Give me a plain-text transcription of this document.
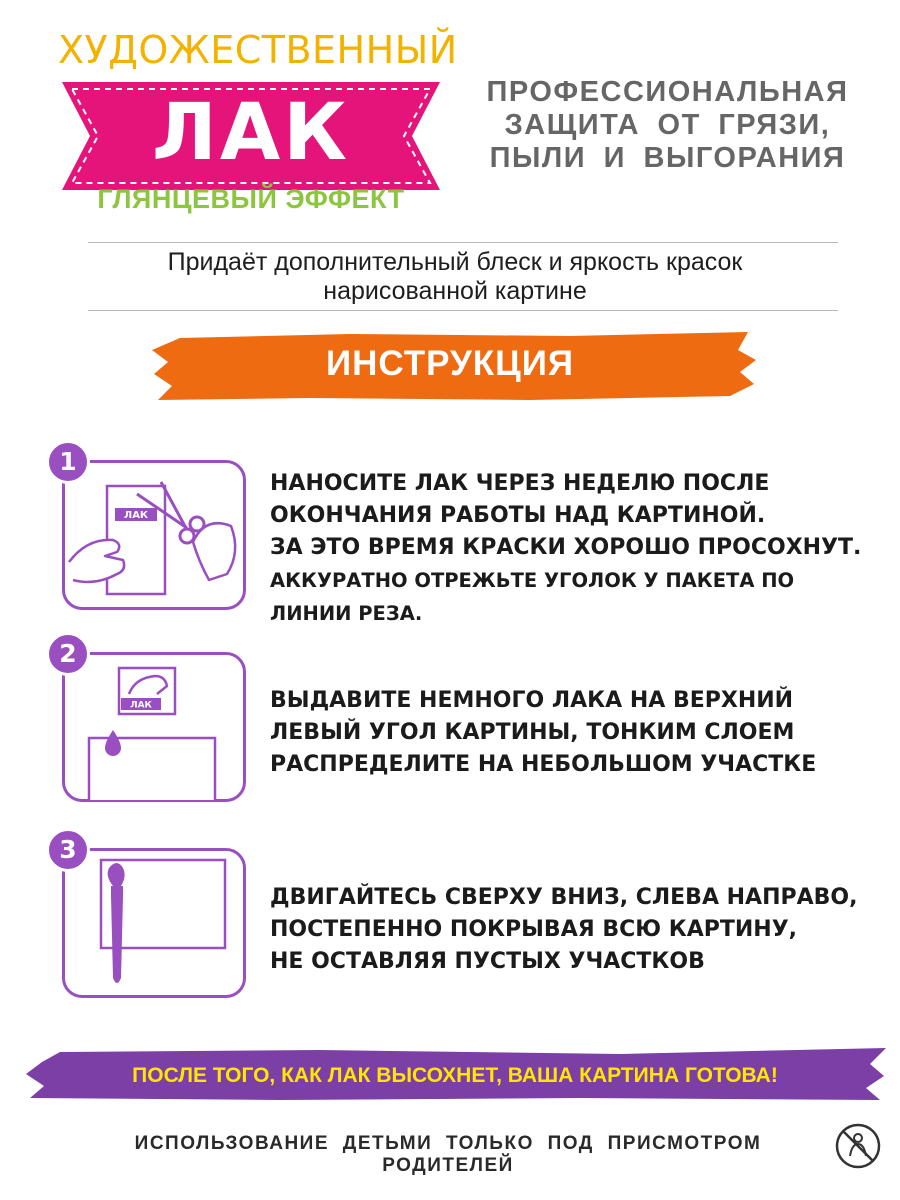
ХУДОЖЕСТВЕННЫЙ
ЛАК
ГЛЯНЦЕВЫЙ ЭФФЕКТ
ПРОФЕССИОНАЛЬНАЯ
ЗАЩИТА ОТ ГРЯЗИ,
ПЫЛИ И ВЫГОРАНИЯ
Придаёт дополнительный блеск и яркость красок
нарисованной картине
ИНСТРУКЦИЯ
ЛАК
1
НАНОСИТЕ ЛАК ЧЕРЕЗ НЕДЕЛЮ ПОСЛЕ
ОКОНЧАНИЯ РАБОТЫ НАД КАРТИНОЙ.
ЗА ЭТО ВРЕМЯ КРАСКИ ХОРОШО ПРОСОХНУТ.
АККУРАТНО ОТРЕЖЬТЕ УГОЛОК У ПАКЕТА ПО
ЛИНИИ РЕЗА.
ЛАК
2
ВЫДАВИТЕ НЕМНОГО ЛАКА НА ВЕРХНИЙ
ЛЕВЫЙ УГОЛ КАРТИНЫ, ТОНКИМ СЛОЕМ
РАСПРЕДЕЛИТЕ НА НЕБОЛЬШОМ УЧАСТКЕ
3
ДВИГАЙТЕСЬ СВЕРХУ ВНИЗ, СЛЕВА НАПРАВО,
ПОСТЕПЕННО ПОКРЫВАЯ ВСЮ КАРТИНУ,
НЕ ОСТАВЛЯЯ ПУСТЫХ УЧАСТКОВ
ПОСЛЕ ТОГО, КАК ЛАК ВЫСОХНЕТ, ВАША КАРТИНА ГОТОВА!
ИСПОЛЬЗОВАНИЕ ДЕТЬМИ ТОЛЬКО ПОД ПРИСМОТРОМ РОДИТЕЛЕЙ
